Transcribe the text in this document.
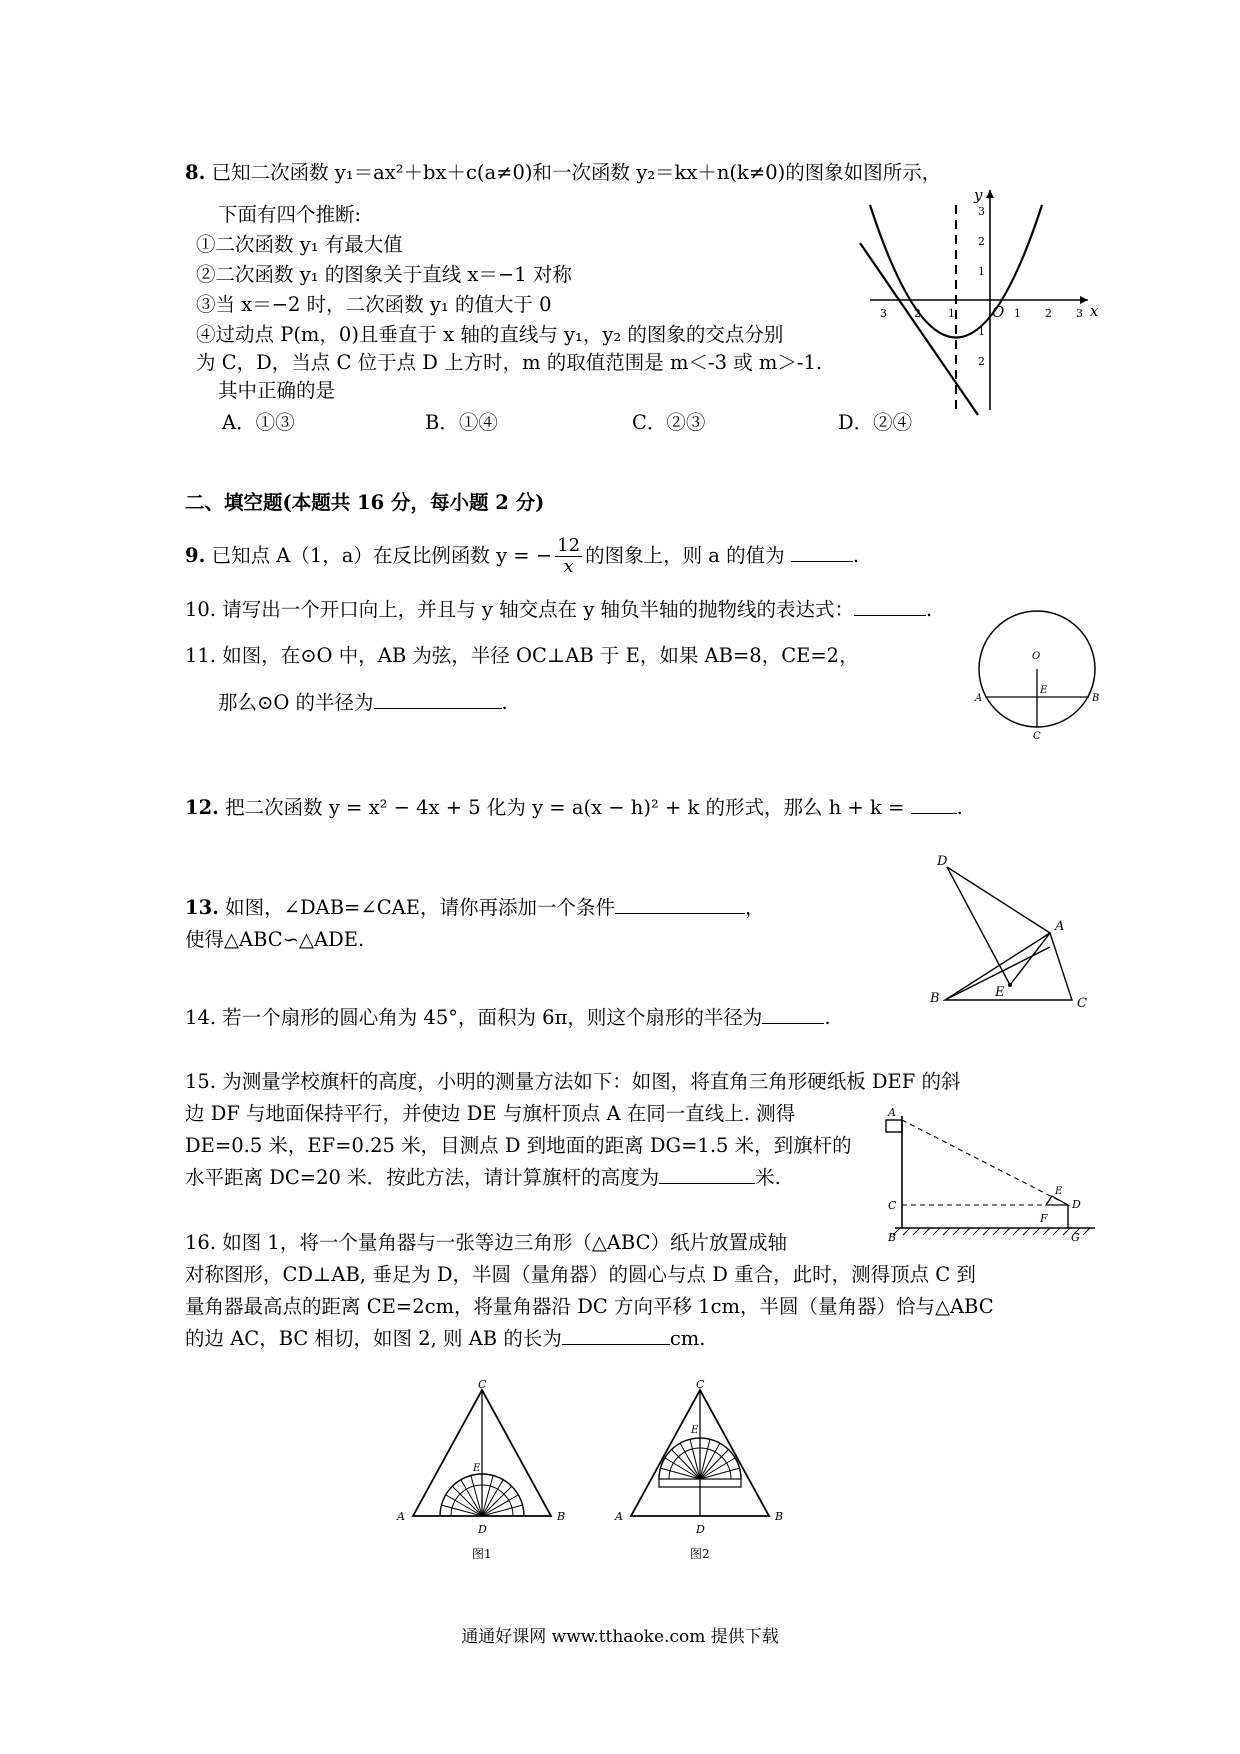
8. 已知二次函数 y₁＝ax²＋bx＋c(a≠0)和一次函数 y₂＝kx＋n(k≠0)的图象如图所示，
下面有四个推断:
①二次函数 y₁ 有最大值
②二次函数 y₁ 的图象关于直线 x＝−1 对称
③当 x＝−2 时，二次函数 y₁ 的值大于 0
④过动点 P(m，0)且垂直于 x 轴的直线与 y₁，y₂ 的图象的交点分别
为 C，D，当点 C 位于点 D 上方时，m 的取值范围是 m＜-3 或 m＞-1.
其中正确的是
A．①③	B．①④	C．②③	D．②④
x
y
O
3 2 1	1 2 3
3
2
1
1
2
二、填空题(本题共 16 分，每小题 2 分)
9. 已知点 A（1，a）在反比例函数 y = − $\frac{12}{x}$ 的图象上，则 a 的值为	.
10. 请写出一个开口向上，并且与 y 轴交点在 y 轴负半轴的抛物线的表达式：	.
11. 如图，在⊙O 中，AB 为弦，半径 OC⊥AB 于 E，如果 AB=8，CE=2，
那么⊙O 的半径为	.
O
E
A	B
C
12. 把二次函数 y = x² − 4x + 5 化为 y = a(x − h)² + k 的形式，那么 h + k =	.
13. 如图，∠DAB=∠CAE，请你再添加一个条件	，
使得△ABC∽△ADE.
D
A
B	E
C
14. 若一个扇形的圆心角为 45°，面积为 6π，则这个扇形的半径为	.
15. 为测量学校旗杆的高度，小明的测量方法如下：如图，将直角三角形硬纸板 DEF 的斜
边 DF 与地面保持平行，并使边 DE 与旗杆顶点 A 在同一直线上. 测得
DE=0.5 米，EF=0.25 米，目测点 D 到地面的距离 DG=1.5 米，到旗杆的
水平距离 DC=20 米．按此方法，请计算旗杆的高度为	米.
A
C
B
E
D
F
G
16. 如图 1，将一个量角器与一张等边三角形（△ABC）纸片放置成轴
对称图形，CD⊥AB, 垂足为 D，半圆（量角器）的圆心与点 D 重合，此时，测得顶点 C 到
量角器最高点的距离 CE=2cm，将量角器沿 DC 方向平移 1cm，半圆（量角器）恰与△ABC
的边 AC，BC 相切，如图 2, 则 AB 的长为	cm.
C
E
A
D
B
图1
C
E
A
D
B
图2
通通好课网 www.tthaoke.com 提供下载
